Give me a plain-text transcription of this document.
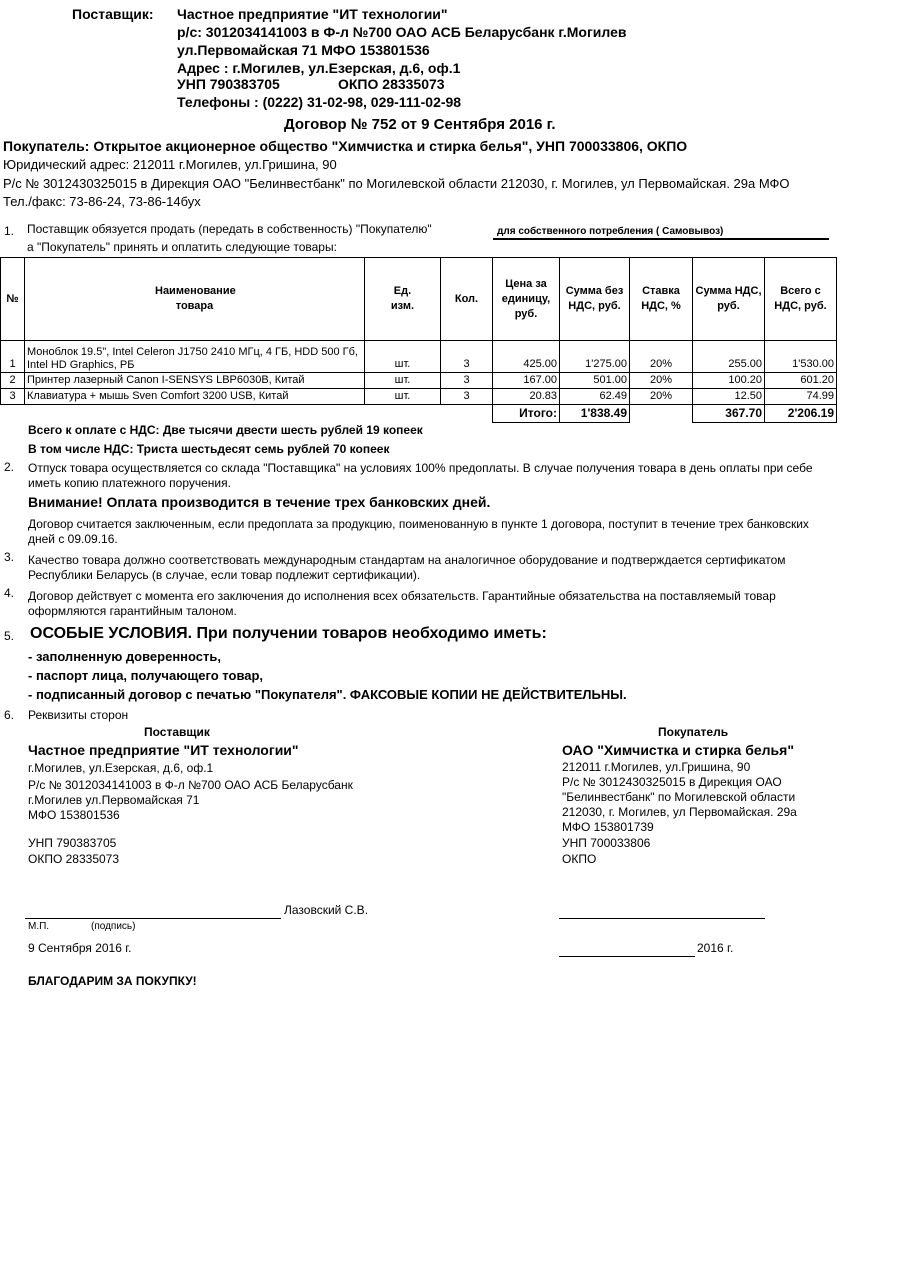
Поставщик: Частное предприятие "ИТ технологии"
р/с: 3012034141003 в Ф-л №700 ОАО АСБ Беларусбанк г.Могилев
ул.Первомайская 71 МФО 153801536
Адрес : г.Могилев, ул.Езерская, д.6, оф.1
УНП 790383705	ОКПО 28335073
Телефоны : (0222) 31-02-98, 029-111-02-98
Договор № 752 от 9 Сентября 2016 г.
Покупатель: Открытое акционерное общество "Химчистка и стирка белья", УНП 700033806, ОКПО
Юридический адрес: 212011 г.Могилев, ул.Гришина, 90
Р/с № 3012430325015 в Дирекция ОАО "Белинвестбанк" по Могилевской области 212030, г. Могилев, ул Первомайская. 29а МФО
Тел./факс: 73-86-24, 73-86-14бух
1. Поставщик обязуется продать (передать в собственность) "Покупателю"	для собственного потребления ( Самовывоз)
а "Покупатель" принять и оплатить следующие товары:
№	Наименование товара	Ед. изм.	Кол.	Цена за единицу, руб.	Сумма без НДС, руб.	Ставка НДС, %	Сумма НДС, руб.	Всего с НДС, руб.
1	Моноблок 19.5", Intel Celeron J1750 2410 МГц, 4 ГБ, HDD 500 Гб, Intel HD Graphics, РБ	шт.	3	425.00	1'275.00	20%	255.00	1'530.00
2	Принтер лазерный Canon I-SENSYS LBP6030B, Китай	шт.	3	167.00	501.00	20%	100.20	601.20
3	Клавиатура + мышь Sven Comfort 3200 USB, Китай	шт.	3	20.83	62.49	20%	12.50	74.99
				Итого:	1'838.49		367.70	2'206.19
Всего к оплате с НДС: Две тысячи двести шесть рублей 19 копеек
В том числе НДС: Триста шестьдесят семь рублей 70 копеек
2. Отпуск товара осуществляется со склада "Поставщика" на условиях 100% предоплаты. В случае получения товара в день оплаты при себе иметь копию платежного поручения.
Внимание! Оплата производится в течение трех банковских дней.
Договор считается заключенным, если предоплата за продукцию, поименованную в пункте 1 договора, поступит в течение трех банковских дней с 09.09.16.
3. Качество товара должно соответствовать международным стандартам на аналогичное оборудование и подтверждается сертификатом Республики Беларусь (в случае, если товар подлежит сертификации).
4. Договор действует с момента его заключения до исполнения всех обязательств. Гарантийные обязательства на поставляемый товар оформляются гарантийным талоном.
5. ОСОБЫЕ УСЛОВИЯ. При получении товаров необходимо иметь:
- заполненную доверенность,
- паспорт лица, получающего товар,
- подписанный договор с печатью "Покупателя". ФАКСОВЫЕ КОПИИ НЕ ДЕЙСТВИТЕЛЬНЫ.
6. Реквизиты сторон
Поставщик
Частное предприятие "ИТ технологии"
г.Могилев, ул.Езерская, д.6, оф.1
Р/с № 3012034141003 в Ф-л №700 ОАО АСБ Беларусбанк
г.Могилев ул.Первомайская 71
МФО 153801536
УНП 790383705
ОКПО 28335073
Покупатель
ОАО "Химчистка и стирка белья"
212011 г.Могилев, ул.Гришина, 90
Р/с № 3012430325015 в Дирекция ОАО
"Белинвестбанк" по Могилевской области
212030, г. Могилев, ул Первомайская. 29а
МФО 153801739
УНП 700033806
ОКПО
Лазовский С.В.
М.П.	(подпись)
9 Сентября 2016 г.	2016 г.
БЛАГОДАРИМ ЗА ПОКУПКУ!
